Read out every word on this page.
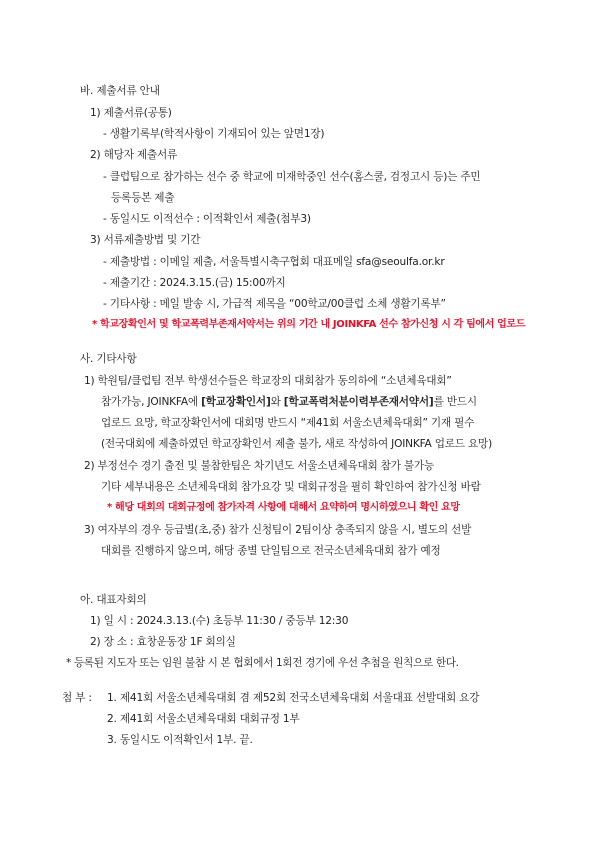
바. 제출서류 안내
1) 제출서류(공통)
- 생활기록부(학적사항이 기재되어 있는 앞면1장)
2) 해당자 제출서류
- 클럽팀으로 참가하는 선수 중 학교에 미재학중인 선수(홈스쿨, 검정고시 등)는 주민
등록등본 제출
- 동일시도 이적선수 : 이적확인서 제출(첨부3)
3) 서류제출방법 및 기간
- 제출방법 : 이메일 제출, 서울특별시축구협회 대표메일 sfa@seoulfa.or.kr
- 제출기간 : 2024.3.15.(금) 15:00까지
- 기타사항 : 메일 발송 시, 가급적 제목을 “00학교/00클럽 소체 생활기록부”
* 학교장확인서 및 학교폭력부존재서약서는 위의 기간 내 JOINKFA 선수 참가신청 시 각 팀에서 업로드
사. 기타사항
1) 학원팀/클럽팀 전부 학생선수들은 학교장의 대회참가 동의하에 “소년체육대회”
참가가능, JOINKFA에 [학교장확인서]와 [학교폭력처분이력부존재서약서]를 반드시
업로드 요망, 학교장확인서에 대회명 반드시 “제41회 서울소년체육대회” 기재 필수
(전국대회에 제출하였던 학교장확인서 제출 불가, 새로 작성하여 JOINKFA 업로드 요망)
2) 부정선수 경기 출전 및 불참한팀은 차기년도 서울소년체육대회 참가 불가능
기타 세부내용은 소년체육대회 참가요강 및 대회규정을 필히 확인하여 참가신청 바람
* 해당 대회의 대회규정에 참가자격 사항에 대해서 요약하여 명시하였으니 확인 요망
3) 여자부의 경우 등급별(초,중) 참가 신청팀이 2팀이상 충족되지 않을 시, 별도의 선발
대회를 진행하지 않으며, 해당 종별 단일팀으로 전국소년체육대회 참가 예정
아. 대표자회의
1) 일 시 : 2024.3.13.(수) 초등부 11:30 / 중등부 12:30
2) 장 소 : 효창운동장 1F 회의실
* 등록된 지도자 또는 임원 불참 시 본 협회에서 1회전 경기에 우선 추첨을 원칙으로 한다.
첨 부 : 1. 제41회 서울소년체육대회 겸 제52회 전국소년체육대회 서울대표 선발대회 요강
2. 제41회 서울소년체육대회 대회규정 1부
3. 동일시도 이적확인서 1부. 끝.
